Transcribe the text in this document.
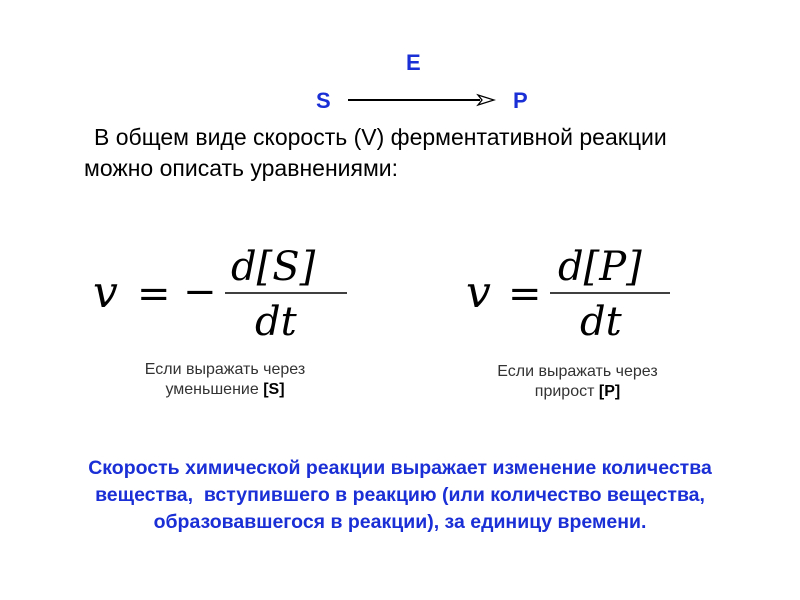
E
S	P
В общем виде скорость (V) ферментативной реакции
можно описать уравнениями:
v = −
d[S]
dt
v =
d[P]
dt
Если выражать через
уменьшение [S]
Если выражать через
прирост [P]
Скорость химической реакции выражает изменение количества
вещества,  вступившего в реакцию (или количество вещества,
образовавшегося в реакции), за единицу времени.
